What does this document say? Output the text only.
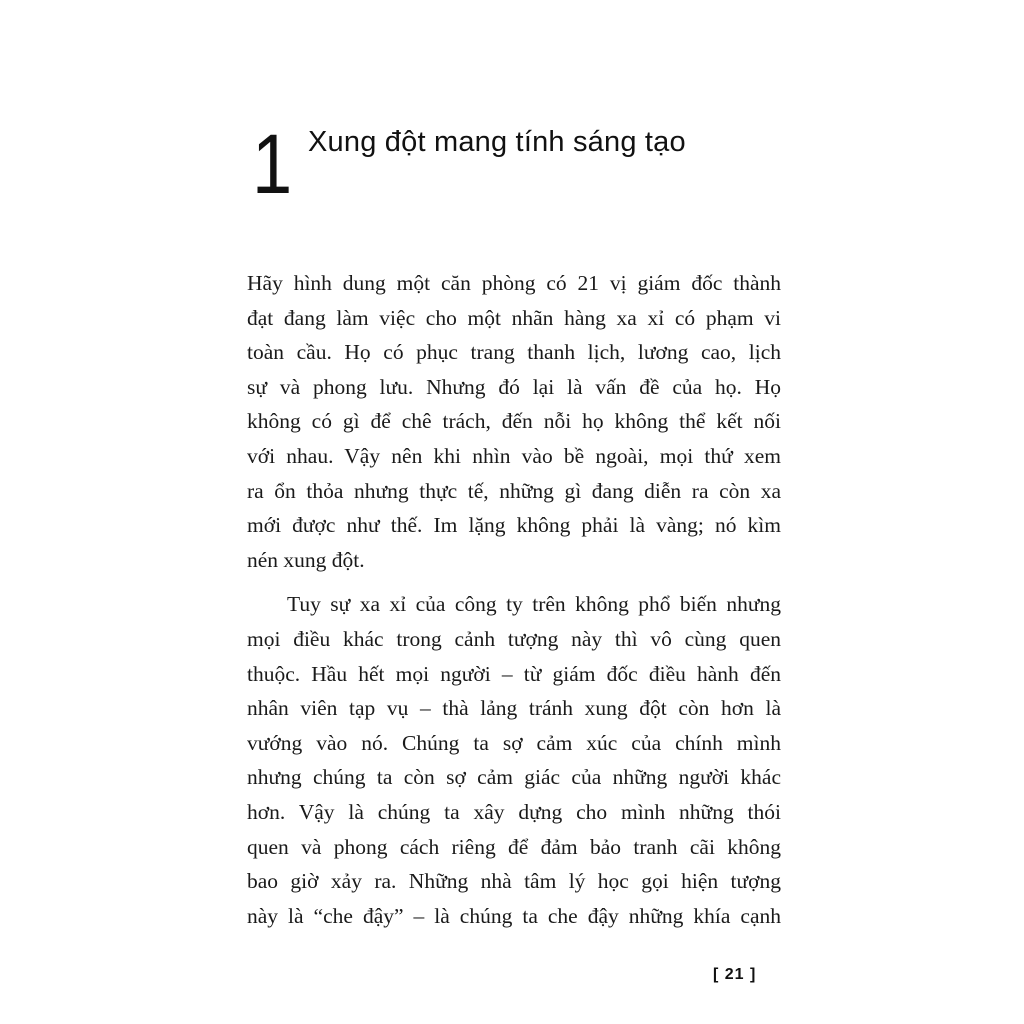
1 Xung đột mang tính sáng tạo
Hãy hình dung một căn phòng có 21 vị giám đốc thành
đạt đang làm việc cho một nhãn hàng xa xỉ có phạm vi
toàn cầu. Họ có phục trang thanh lịch, lương cao, lịch
sự và phong lưu. Nhưng đó lại là vấn đề của họ. Họ
không có gì để chê trách, đến nỗi họ không thể kết nối
với nhau. Vậy nên khi nhìn vào bề ngoài, mọi thứ xem
ra ổn thỏa nhưng thực tế, những gì đang diễn ra còn xa
mới được như thế. Im lặng không phải là vàng; nó kìm
nén xung đột.
Tuy sự xa xỉ của công ty trên không phổ biến nhưng
mọi điều khác trong cảnh tượng này thì vô cùng quen
thuộc. Hầu hết mọi người – từ giám đốc điều hành đến
nhân viên tạp vụ – thà lảng tránh xung đột còn hơn là
vướng vào nó. Chúng ta sợ cảm xúc của chính mình
nhưng chúng ta còn sợ cảm giác của những người khác
hơn. Vậy là chúng ta xây dựng cho mình những thói
quen và phong cách riêng để đảm bảo tranh cãi không
bao giờ xảy ra. Những nhà tâm lý học gọi hiện tượng
này là “che đậy” – là chúng ta che đậy những khía cạnh
[ 21 ]
